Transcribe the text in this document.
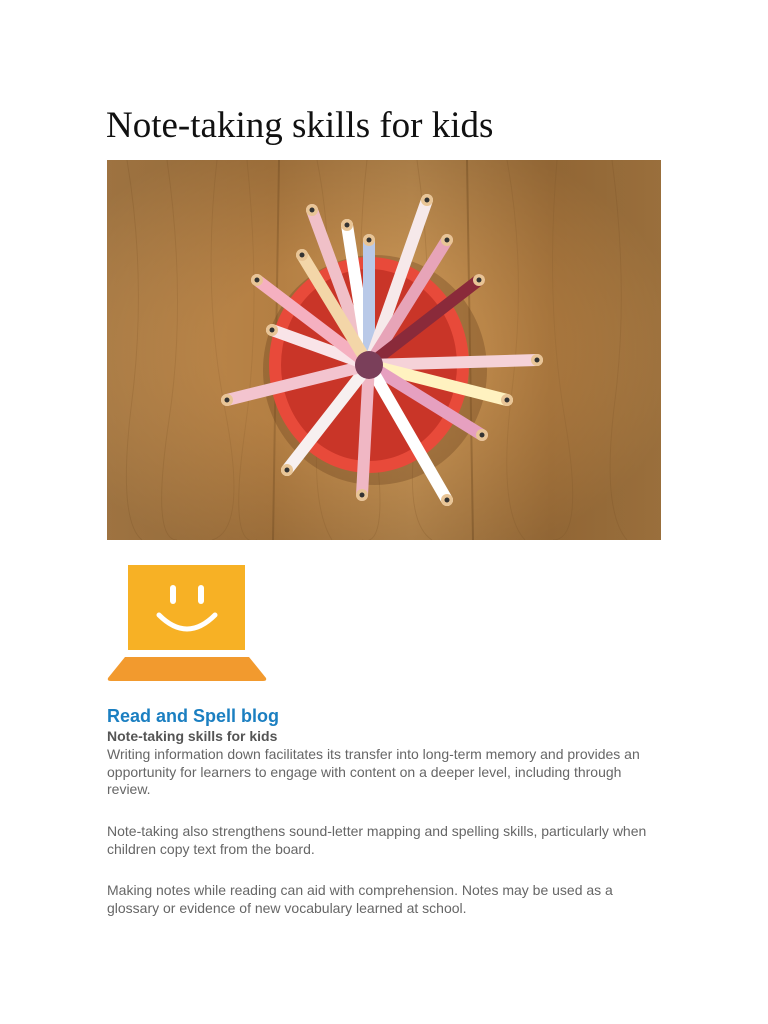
Note-taking skills for kids
Read and Spell blog
Note-taking skills for kids

Writing information down facilitates its transfer into long-term memory and provides an opportunity for learners to engage with content on a deeper level, including through review.

Note-taking also strengthens sound-letter mapping and spelling skills, particularly when children copy text from the board.

Making notes while reading can aid with comprehension. Notes may be used as a glossary or evidence of new vocabulary learned at school.
